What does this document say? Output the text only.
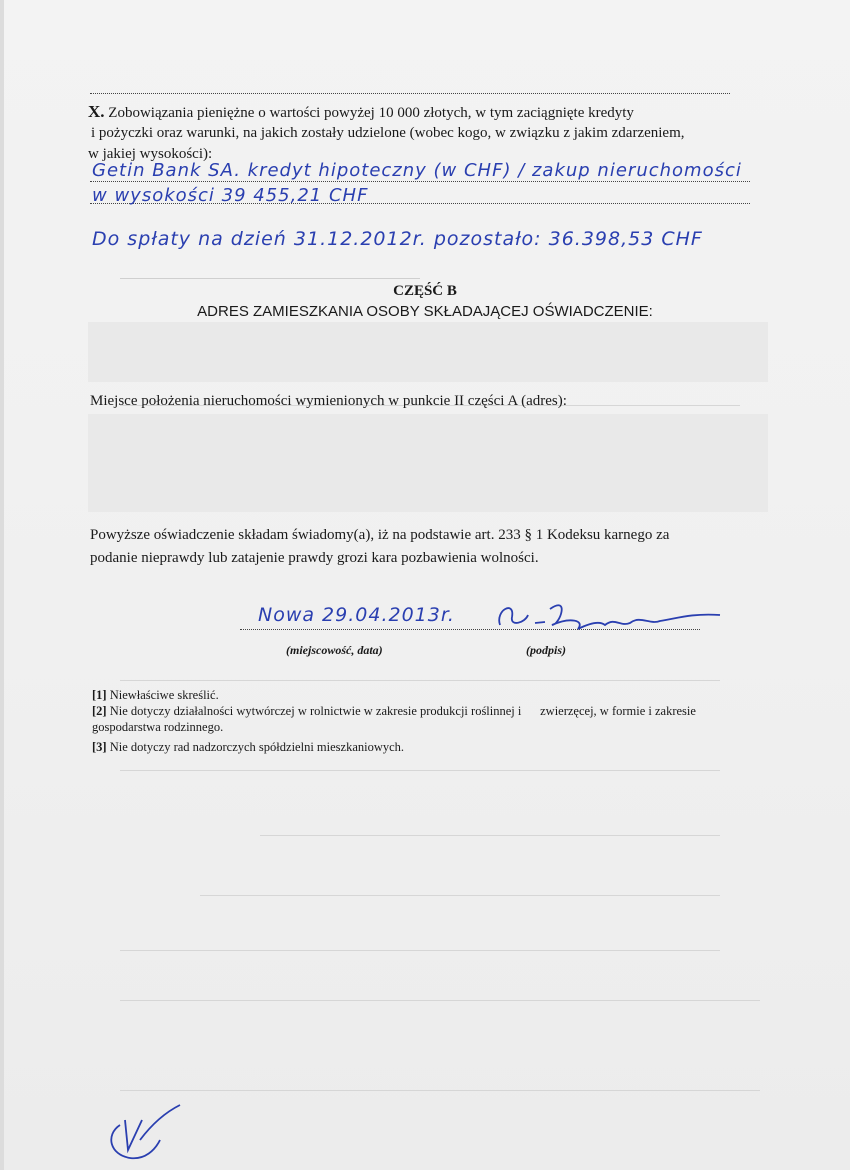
X. Zobowiązania pieniężne o wartości powyżej 10 000 złotych, w tym zaciągnięte kredyty
i pożyczki oraz warunki, na jakich zostały udzielone (wobec kogo, w związku z jakim zdarzeniem,
w jakiej wysokości):
Getin Bank SA. kredyt hipoteczny (w CHF) / zakup nieruchomości
w wysokości 39 455,21 CHF
Do spłaty na dzień 31.12.2012r. pozostało: 36.398,53 CHF
CZĘŚĆ B
ADRES ZAMIESZKANIA OSOBY SKŁADAJĄCEJ OŚWIADCZENIE:
Miejsce położenia nieruchomości wymienionych w punkcie II części A (adres):
Powyższe oświadczenie składam świadomy(a), iż na podstawie art. 233 § 1 Kodeksu karnego za
podanie nieprawdy lub zatajenie prawdy grozi kara pozbawienia wolności.
Nowa 29.04.2013r.
(miejscowość, data)	(podpis)
[1] Niewłaściwe skreślić.
[2] Nie dotyczy działalności wytwórczej w rolnictwie w zakresie produkcji roślinnej i      zwierzęcej, w formie i zakresie
gospodarstwa rodzinnego.
[3] Nie dotyczy rad nadzorczych spółdzielni mieszkaniowych.
